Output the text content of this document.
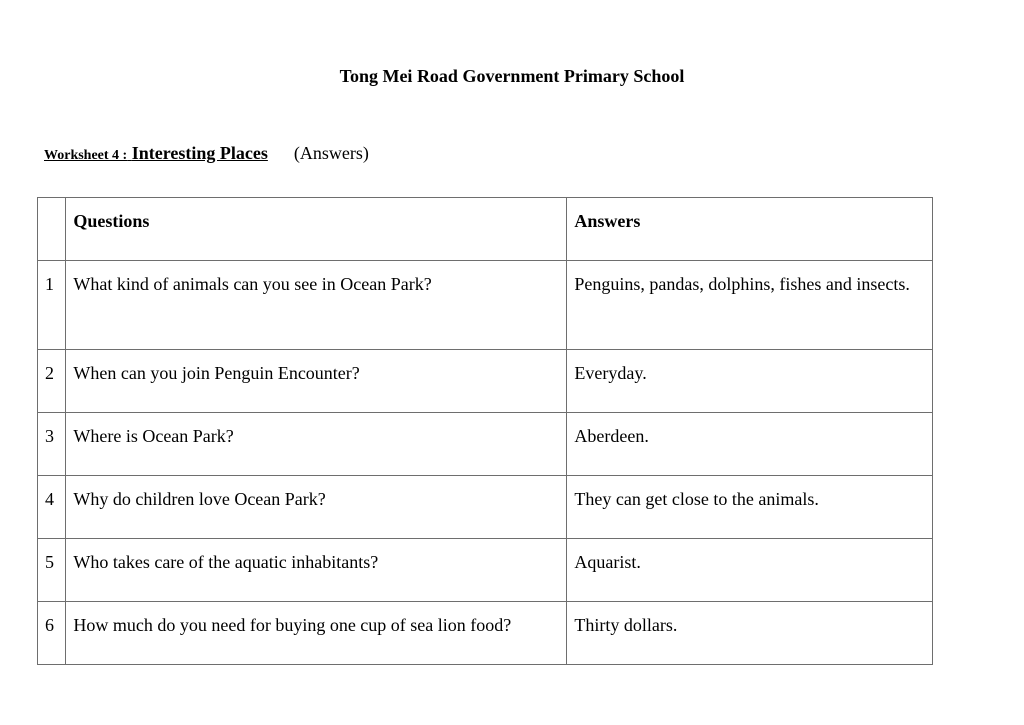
Tong Mei Road Government Primary School
Worksheet 4 : Interesting Places (Answers)
	Questions	Answers
1	What kind of animals can you see in Ocean Park?	Penguins, pandas, dolphins, fishes and insects.

2	When can you join Penguin Encounter?	Everyday.
3	Where is Ocean Park?	Aberdeen.
4	Why do children love Ocean Park?	They can get close to the animals.
5	Who takes care of the aquatic inhabitants?	Aquarist.
6	How much do you need for buying one cup of sea lion food?	Thirty dollars.
